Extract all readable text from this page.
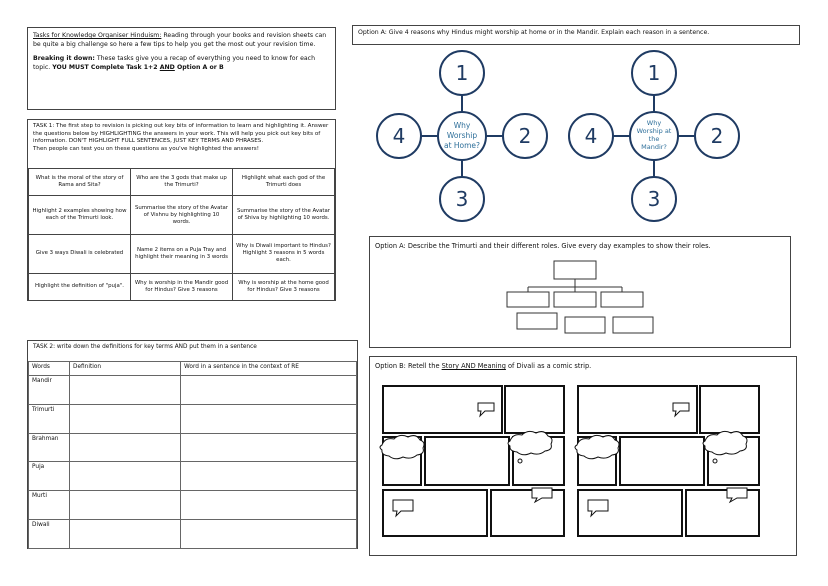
Tasks for Knowledge Organiser Hinduism: Reading through your books and revision sheets can be quite a big challenge so here a few tips to help you get the most out your revision time.

Breaking it down: These tasks give you a recap of everything you need to know for each topic. YOU MUST Complete Task 1+2 AND Option A or B

TASK 1: The first step to revision is picking out key bits of information to learn and highlighting it. Answer the questions below by HIGHLIGHTING the answers in your work. This will help you pick out key bits of information. DON'T HIGHLIGHT FULL SENTENCES, JUST KEY TERMS AND PHRASES.
Then people can test you on these questions as you've highlighted the answers!
What is the moral of the story of Rama and Sita?	Who are the 3 gods that make up the Trimurti?	Highlight what each god of the Trimurti does
Highlight 2 examples showing how each of the Trimurti look.	Summarise the story of the Avatar of Vishnu by highlighting 10 words.	Summarise the story of the Avatar of Shiva by highlighting 10 words.
Give 3 ways Diwali is celebrated	Name 2 items on a Puja Tray and highlight their meaning in 3 words	Why is Diwali important to Hindus? Highlight 3 reasons in 5 words each.
Highlight the definition of "puja".	Why is worship in the Mandir good for Hindus? Give 3 reasons	Why is worship at the home good for Hindus? Give 3 reasons
TASK 2: write down the definitions for key terms AND put them in a sentence
Words	Definition	Word in a sentence in the context of RE
Mandir		
Trimurti		
Brahman		
Puja		
Murti		
Diwali		
Option A: Give 4 reasons why Hindus might worship at home or in the Mandir. Explain each reason in a sentence.
1
4	2
3
Why
Worship
at Home?
1
4	2
3
Why
Worship at
the
Mandir?
Option A: Describe the Trimurti and their different roles. Give every day examples to show their roles.
Option B: Retell the Story AND Meaning of Divali as a comic strip.
